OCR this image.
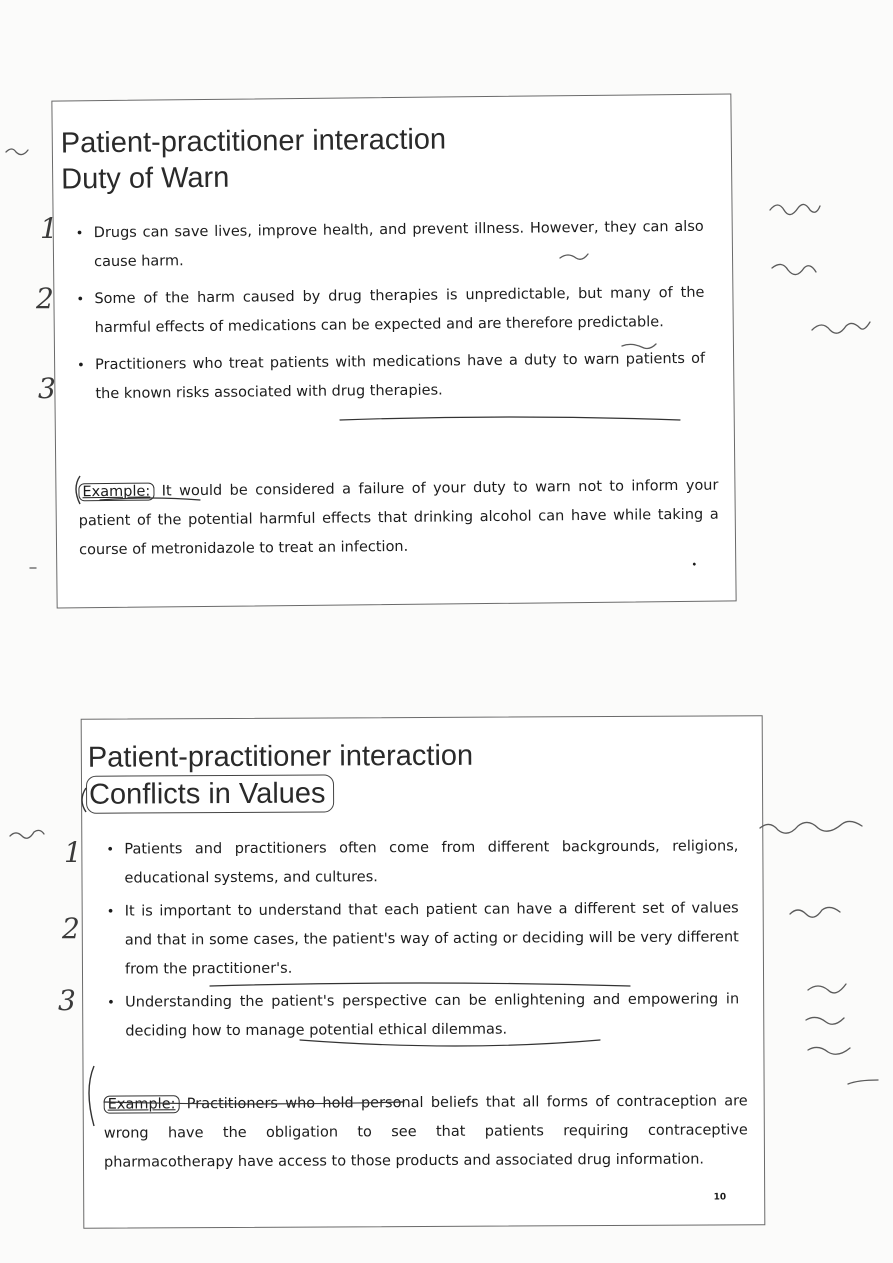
Patient-practitioner interaction
Duty of Warn
• Drugs can save lives, improve health, and prevent illness. However, they can also cause harm.
• Some of the harm caused by drug therapies is unpredictable, but many of the harmful effects of medications can be expected and are therefore predictable.
• Practitioners who treat patients with medications have a duty to warn patients of the known risks associated with drug therapies.

Example: It would be considered a failure of your duty to warn not to inform your patient of the potential harmful effects that drinking alcohol can have while taking a course of metronidazole to treat an infection.

•
Patient-practitioner interaction
Conflicts in Values
• Patients and practitioners often come from different backgrounds, religions, educational systems, and cultures.
• It is important to understand that each patient can have a different set of values and that in some cases, the patient's way of acting or deciding will be very different from the practitioner's.
• Understanding the patient's perspective can be enlightening and empowering in deciding how to manage potential ethical dilemmas.

Example: Practitioners who hold personal beliefs that all forms of contraception are wrong have the obligation to see that patients requiring contraceptive pharmacotherapy have access to those products and associated drug information.

10
1
2
3
1
2
3
